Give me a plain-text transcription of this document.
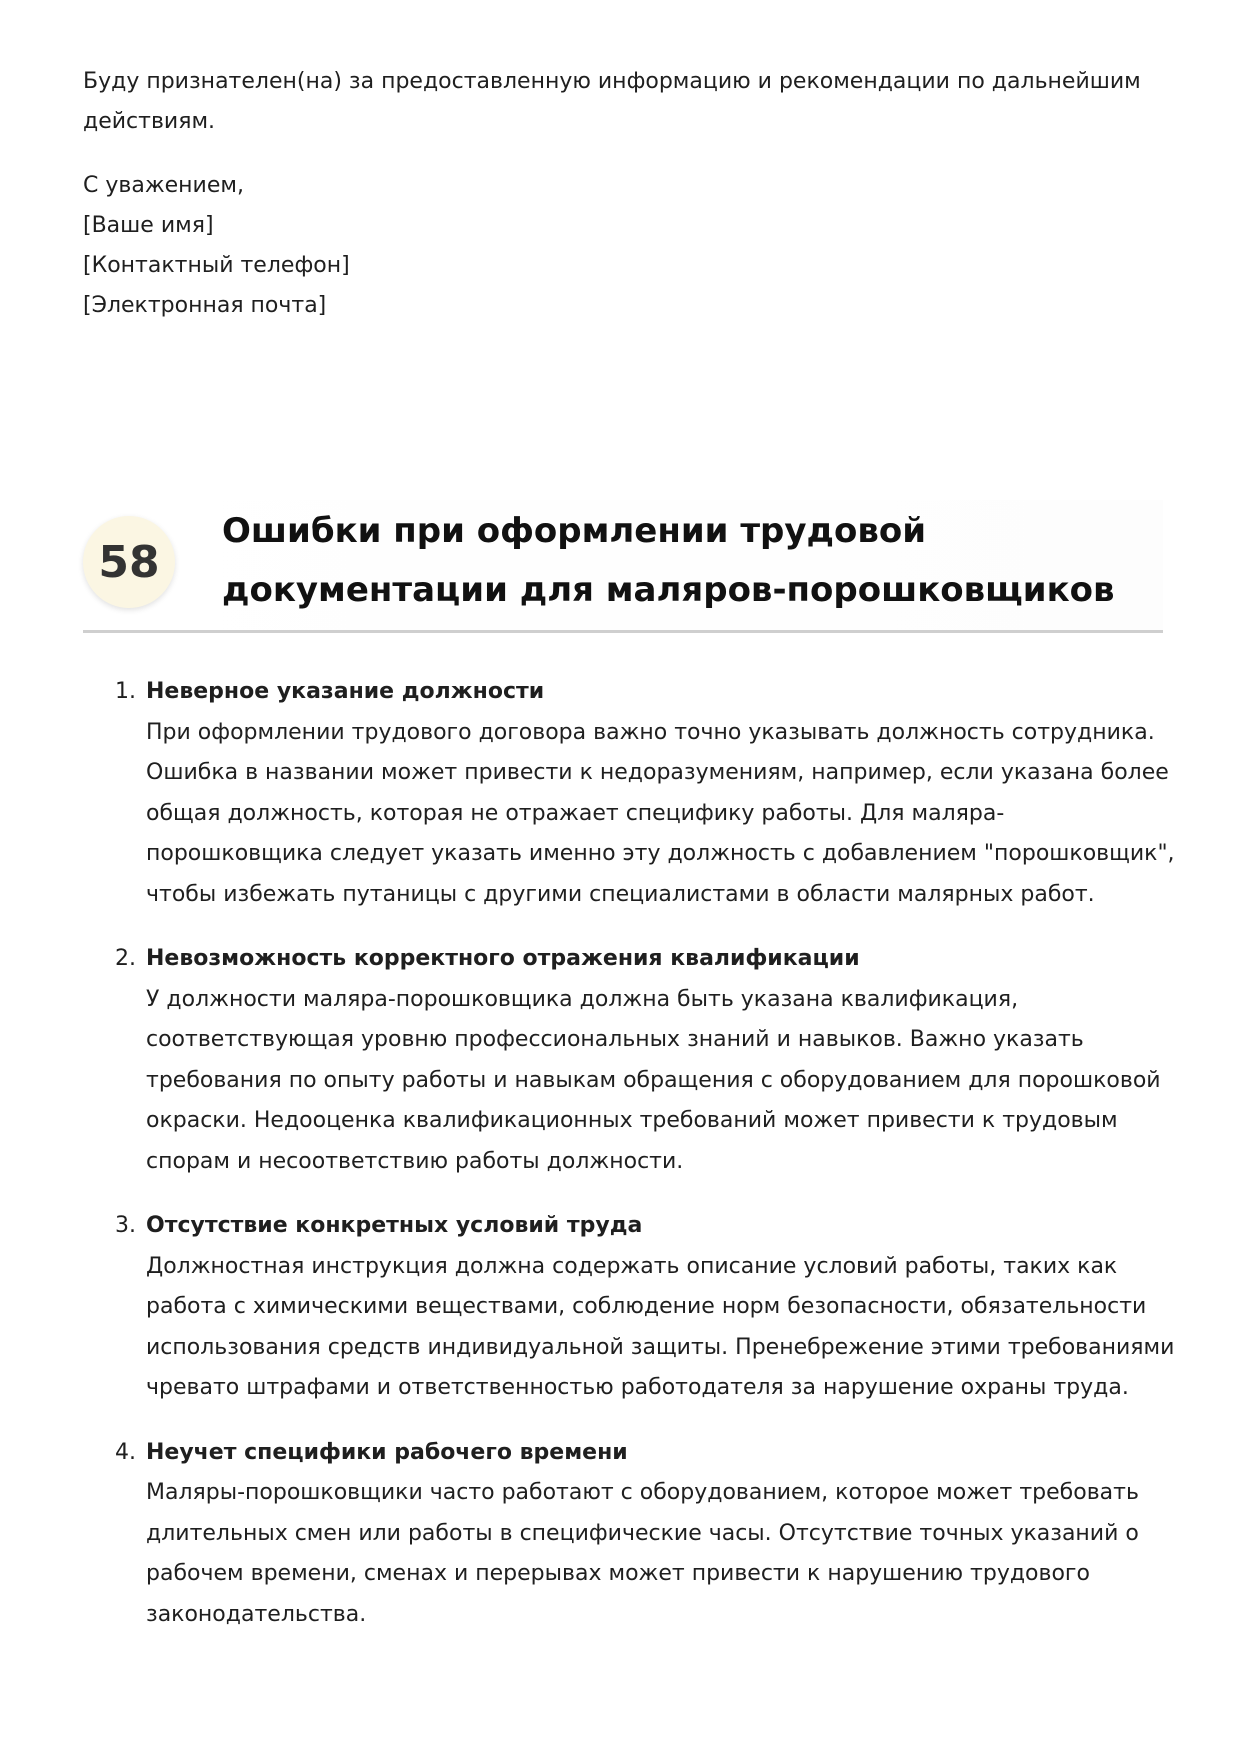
Буду признателен(на) за предоставленную информацию и рекомендации по дальнейшим действиям.

С уважением,
[Ваше имя]
[Контактный телефон]
[Электронная почта]
58
Ошибки при оформлении трудовой документации для маляров-порошковщиков
1. Неверное указание должности
При оформлении трудового договора важно точно указывать должность сотрудника. Ошибка в названии может привести к недоразумениям, например, если указана более общая должность, которая не отражает специфику работы. Для маляра-порошковщика следует указать именно эту должность с добавлением "порошковщик", чтобы избежать путаницы с другими специалистами в области малярных работ.
2. Невозможность корректного отражения квалификации
У должности маляра-порошковщика должна быть указана квалификация, соответствующая уровню профессиональных знаний и навыков. Важно указать требования по опыту работы и навыкам обращения с оборудованием для порошковой окраски. Недооценка квалификационных требований может привести к трудовым спорам и несоответствию работы должности.
3. Отсутствие конкретных условий труда
Должностная инструкция должна содержать описание условий работы, таких как работа с химическими веществами, соблюдение норм безопасности, обязательности использования средств индивидуальной защиты. Пренебрежение этими требованиями чревато штрафами и ответственностью работодателя за нарушение охраны труда.
4. Неучет специфики рабочего времени
Маляры-порошковщики часто работают с оборудованием, которое может требовать длительных смен или работы в специфические часы. Отсутствие точных указаний о рабочем времени, сменах и перерывах может привести к нарушению трудового законодательства.
